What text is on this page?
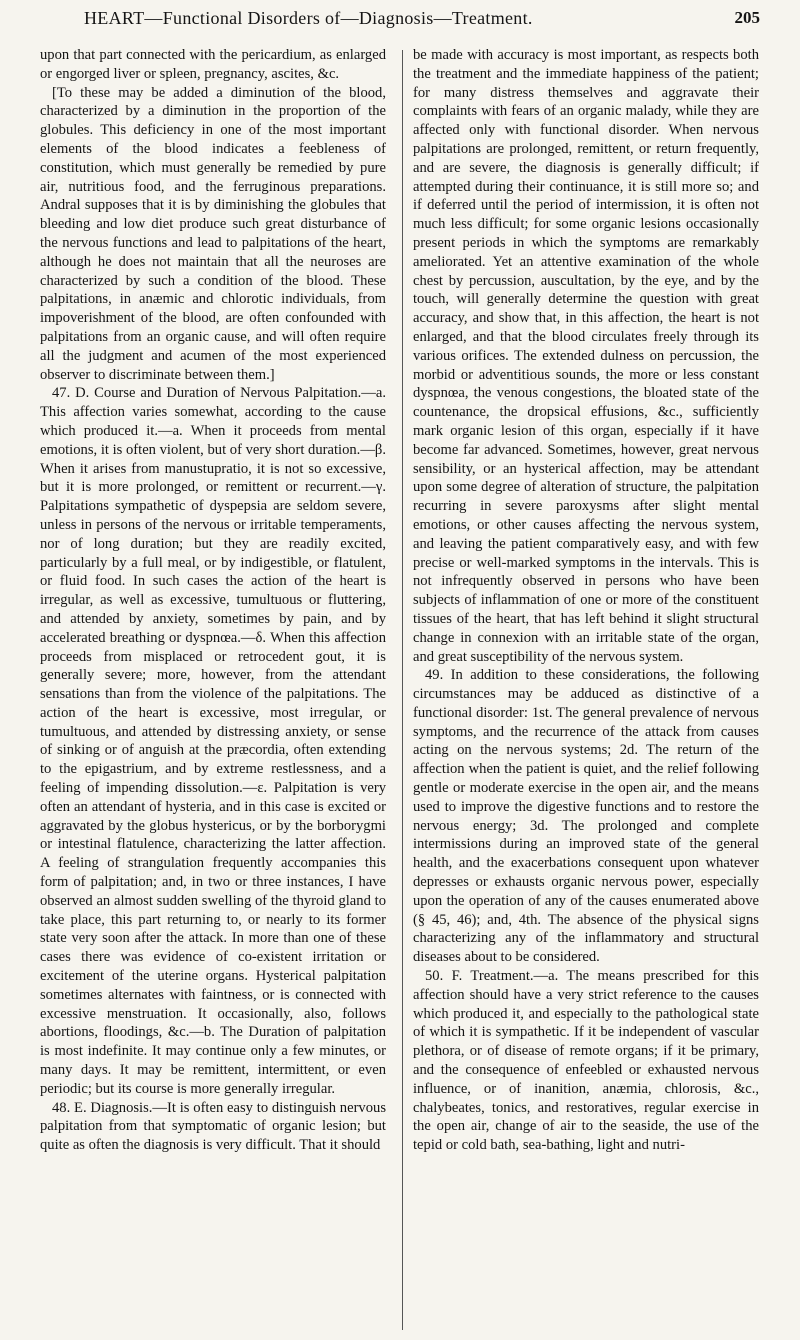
HEART—Functional Disorders of—Diagnosis—Treatment.	205

upon that part connected with the pericardium, as enlarged or engorged liver or spleen, pregnancy, ascites, &c.

[To these may be added a diminution of the blood, characterized by a diminution in the proportion of the globules. This deficiency in one of the most important elements of the blood indicates a feebleness of constitution, which must generally be remedied by pure air, nutritious food, and the ferruginous preparations. Andral supposes that it is by diminishing the globules that bleeding and low diet produce such great disturbance of the nervous functions and lead to palpitations of the heart, although he does not maintain that all the neuroses are characterized by such a condition of the blood. These palpitations, in anæmic and chlorotic individuals, from impoverishment of the blood, are often confounded with palpitations from an organic cause, and will often require all the judgment and acumen of the most experienced observer to discriminate between them.]

47. D. Course and Duration of Nervous Palpitation.—a. This affection varies somewhat, according to the cause which produced it.—a. When it proceeds from mental emotions, it is often violent, but of very short duration.—β. When it arises from manustupratio, it is not so excessive, but it is more prolonged, or remittent or recurrent.—γ. Palpitations sympathetic of dyspepsia are seldom severe, unless in persons of the nervous or irritable temperaments, nor of long duration; but they are readily excited, particularly by a full meal, or by indigestible, or flatulent, or fluid food. In such cases the action of the heart is irregular, as well as excessive, tumultuous or fluttering, and attended by anxiety, sometimes by pain, and by accelerated breathing or dyspnœa.—δ. When this affection proceeds from misplaced or retrocedent gout, it is generally severe; more, however, from the attendant sensations than from the violence of the palpitations. The action of the heart is excessive, most irregular, or tumultuous, and attended by distressing anxiety, or sense of sinking or of anguish at the præcordia, often extending to the epigastrium, and by extreme restlessness, and a feeling of impending dissolution.—ε. Palpitation is very often an attendant of hysteria, and in this case is excited or aggravated by the globus hystericus, or by the borborygmi or intestinal flatulence, characterizing the latter affection. A feeling of strangulation frequently accompanies this form of palpitation; and, in two or three instances, I have observed an almost sudden swelling of the thyroid gland to take place, this part returning to, or nearly to its former state very soon after the attack. In more than one of these cases there was evidence of co-existent irritation or excitement of the uterine organs. Hysterical palpitation sometimes alternates with faintness, or is connected with excessive menstruation. It occasionally, also, follows abortions, floodings, &c.—b. The Duration of palpitation is most indefinite. It may continue only a few minutes, or many days. It may be remittent, intermittent, or even periodic; but its course is more generally irregular.

48. E. Diagnosis.—It is often easy to distinguish nervous palpitation from that symptomatic of organic lesion; but quite as often the diagnosis is very difficult. That it should

be made with accuracy is most important, as respects both the treatment and the immediate happiness of the patient; for many distress themselves and aggravate their complaints with fears of an organic malady, while they are affected only with functional disorder. When nervous palpitations are prolonged, remittent, or return frequently, and are severe, the diagnosis is generally difficult; if attempted during their continuance, it is still more so; and if deferred until the period of intermission, it is often not much less difficult; for some organic lesions occasionally present periods in which the symptoms are remarkably ameliorated. Yet an attentive examination of the whole chest by percussion, auscultation, by the eye, and by the touch, will generally determine the question with great accuracy, and show that, in this affection, the heart is not enlarged, and that the blood circulates freely through its various orifices. The extended dulness on percussion, the morbid or adventitious sounds, the more or less constant dyspnœa, the venous congestions, the bloated state of the countenance, the dropsical effusions, &c., sufficiently mark organic lesion of this organ, especially if it have become far advanced. Sometimes, however, great nervous sensibility, or an hysterical affection, may be attendant upon some degree of alteration of structure, the palpitation recurring in severe paroxysms after slight mental emotions, or other causes affecting the nervous system, and leaving the patient comparatively easy, and with few precise or well-marked symptoms in the intervals. This is not infrequently observed in persons who have been subjects of inflammation of one or more of the constituent tissues of the heart, that has left behind it slight structural change in connexion with an irritable state of the organ, and great susceptibility of the nervous system.

49. In addition to these considerations, the following circumstances may be adduced as distinctive of a functional disorder: 1st. The general prevalence of nervous symptoms, and the recurrence of the attack from causes acting on the nervous systems; 2d. The return of the affection when the patient is quiet, and the relief following gentle or moderate exercise in the open air, and the means used to improve the digestive functions and to restore the nervous energy; 3d. The prolonged and complete intermissions during an improved state of the general health, and the exacerbations consequent upon whatever depresses or exhausts organic nervous power, especially upon the operation of any of the causes enumerated above (§ 45, 46); and, 4th. The absence of the physical signs characterizing any of the inflammatory and structural diseases about to be considered.

50. F. Treatment.—a. The means prescribed for this affection should have a very strict reference to the causes which produced it, and especially to the pathological state of which it is sympathetic. If it be independent of vascular plethora, or of disease of remote organs; if it be primary, and the consequence of enfeebled or exhausted nervous influence, or of inanition, anæmia, chlorosis, &c., chalybeates, tonics, and restoratives, regular exercise in the open air, change of air to the seaside, the use of the tepid or cold bath, sea-bathing, light and nutri-
